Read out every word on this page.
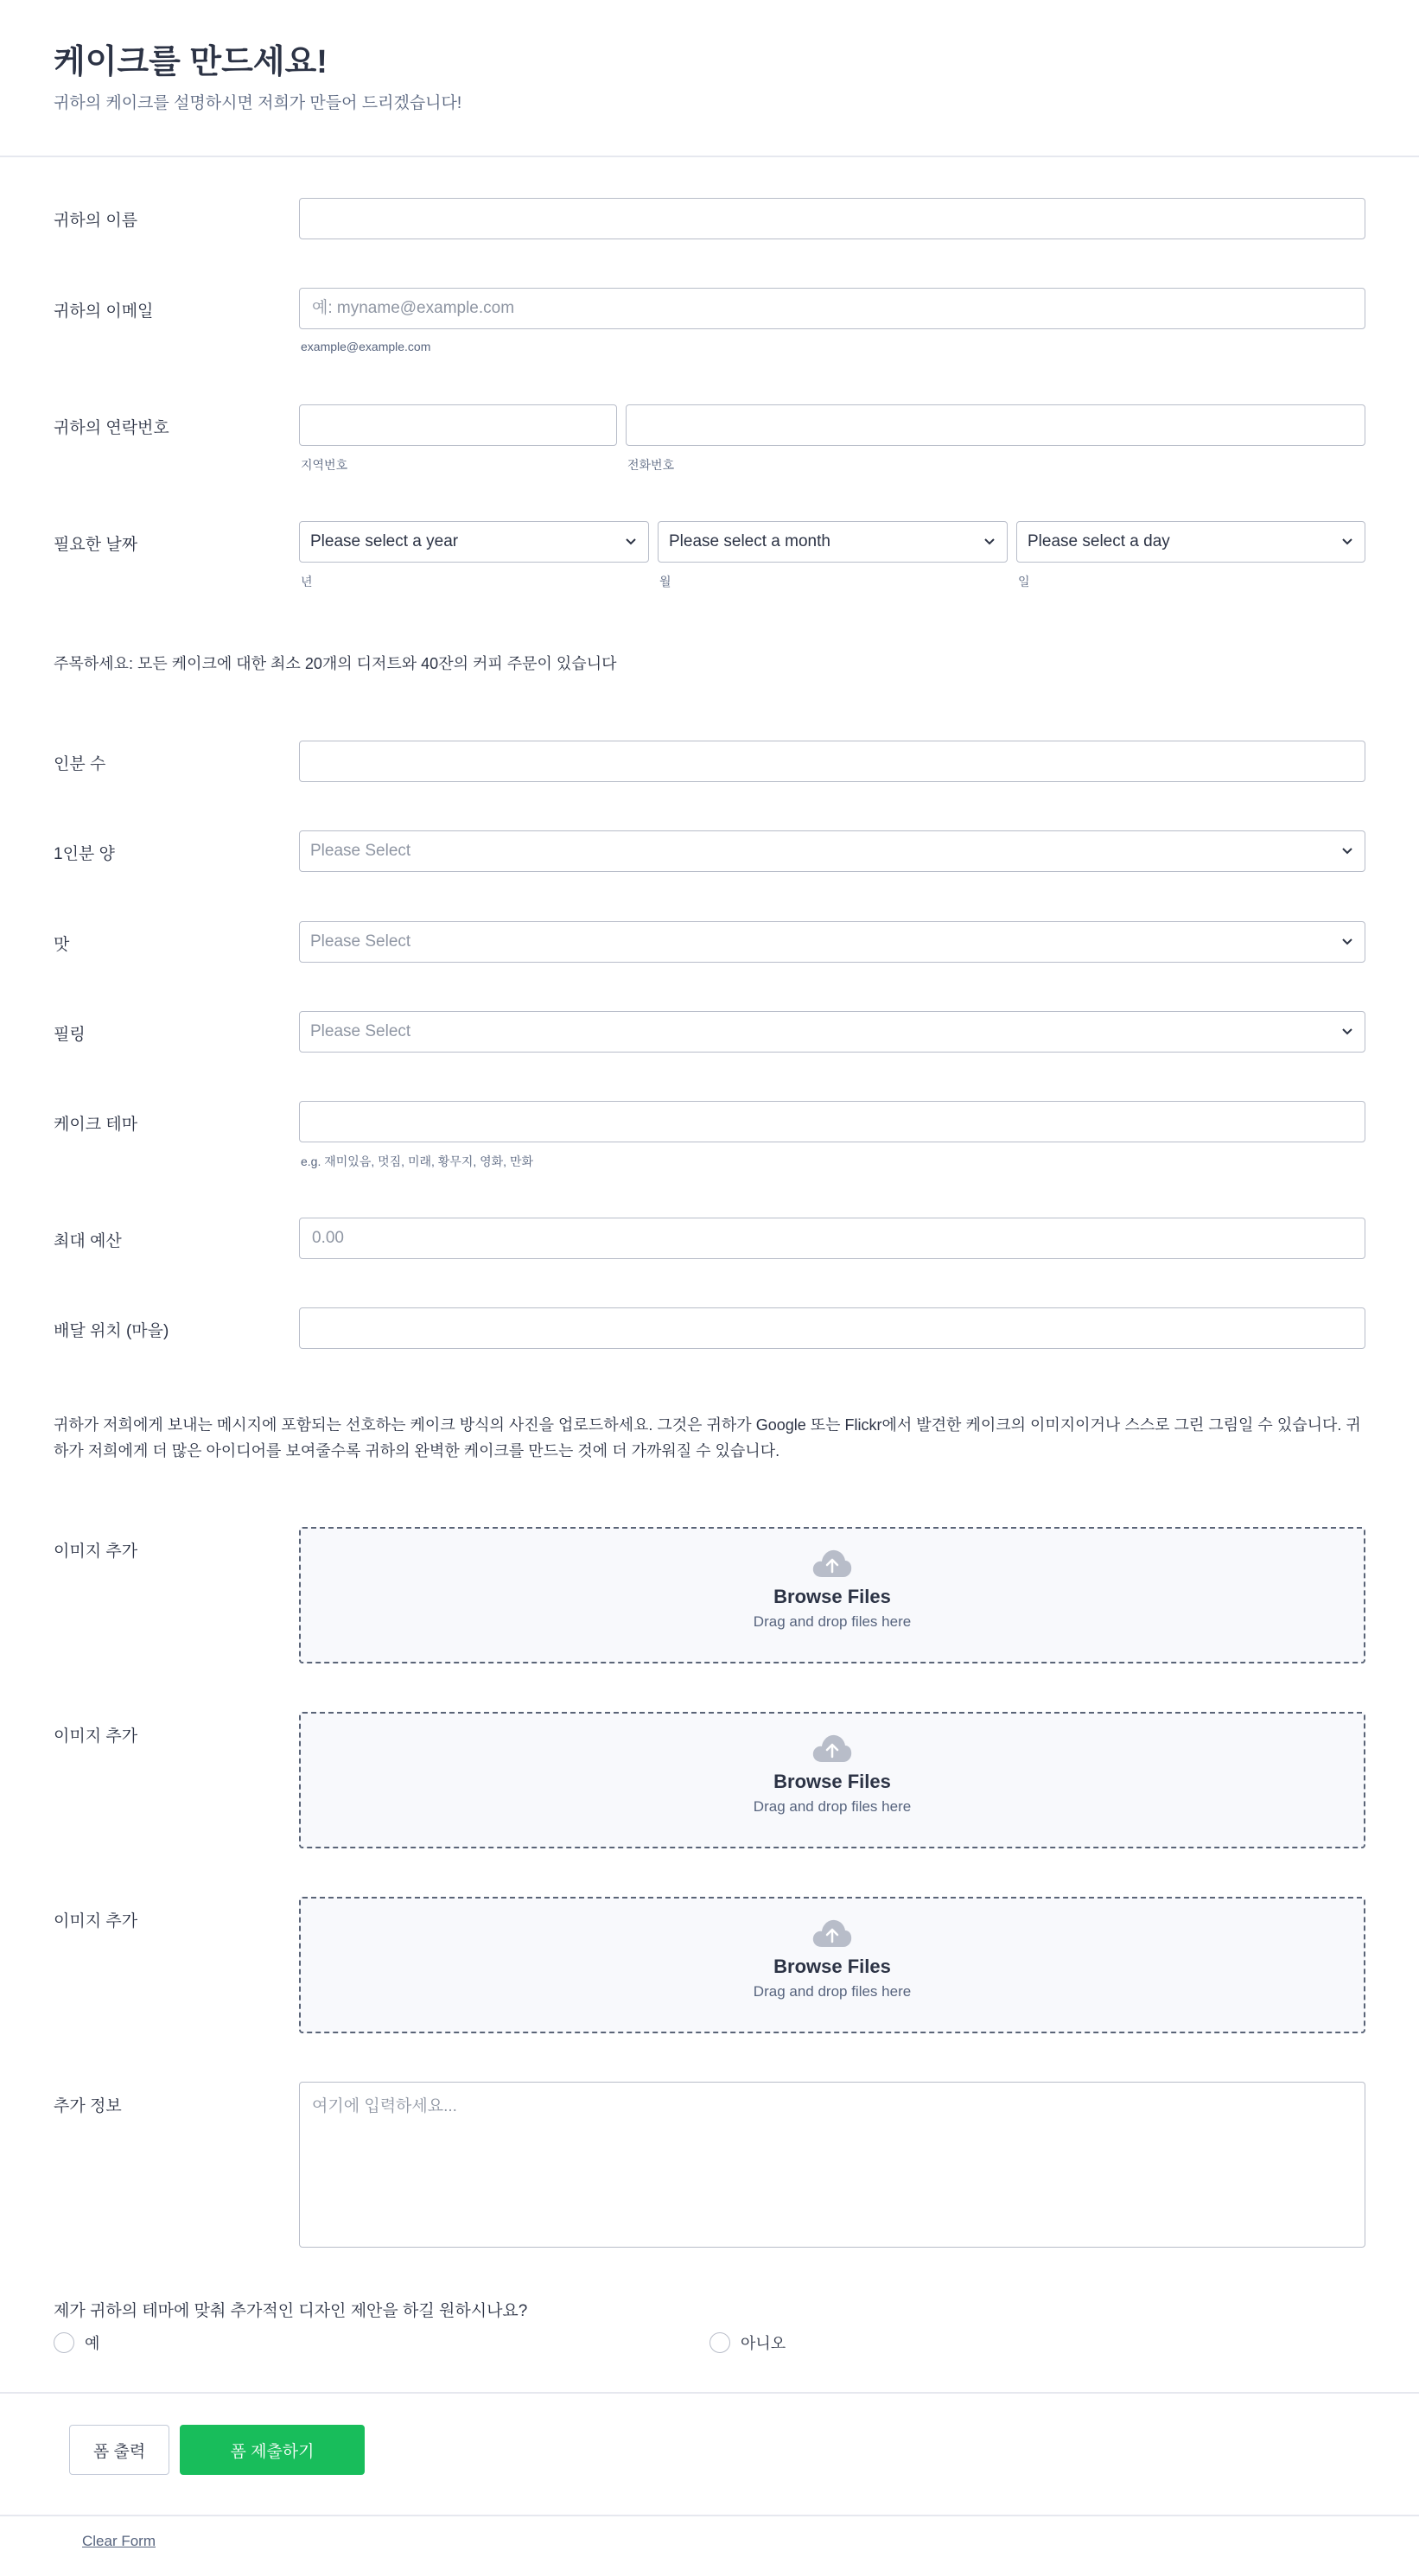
케이크를 만드세요!
귀하의 케이크를 설명하시면 저희가 만들어 드리겠습니다!
귀하의 이름
귀하의 이메일	예: myname@example.com
example@example.com
귀하의 연락번호
지역번호	전화번호
필요한 날짜	Please select a year
년
Please select a month
월
Please select a day
일
주목하세요: 모든 케이크에 대한 최소 20개의 디저트와 40잔의 커피 주문이 있습니다
인분 수
1인분 양	Please Select
맛	Please Select
필링	Please Select
케이크 테마
e.g. 재미있음, 멋짐, 미래, 황무지, 영화, 만화
최대 예산	0.00
배달 위치 (마을)
귀하가 저희에게 보내는 메시지에 포함되는 선호하는 케이크 방식의 사진을 업로드하세요. 그것은 귀하가 Google 또는 Flickr에서 발견한 케이크의 이미지이거나 스스로 그린 그림일 수 있습니다. 귀하가 저희에게 더 많은 아이디어를 보여줄수록 귀하의 완벽한 케이크를 만드는 것에 더 가까워질 수 있습니다.
이미지 추가
Browse Files
Drag and drop files here
이미지 추가
Browse Files
Drag and drop files here
이미지 추가
Browse Files
Drag and drop files here
추가 정보	여기에 입력하세요...
제가 귀하의 테마에 맞춰 추가적인 디자인 제안을 하길 원하시나요?
예	아니오
폼 출력	폼 제출하기
Clear Form
